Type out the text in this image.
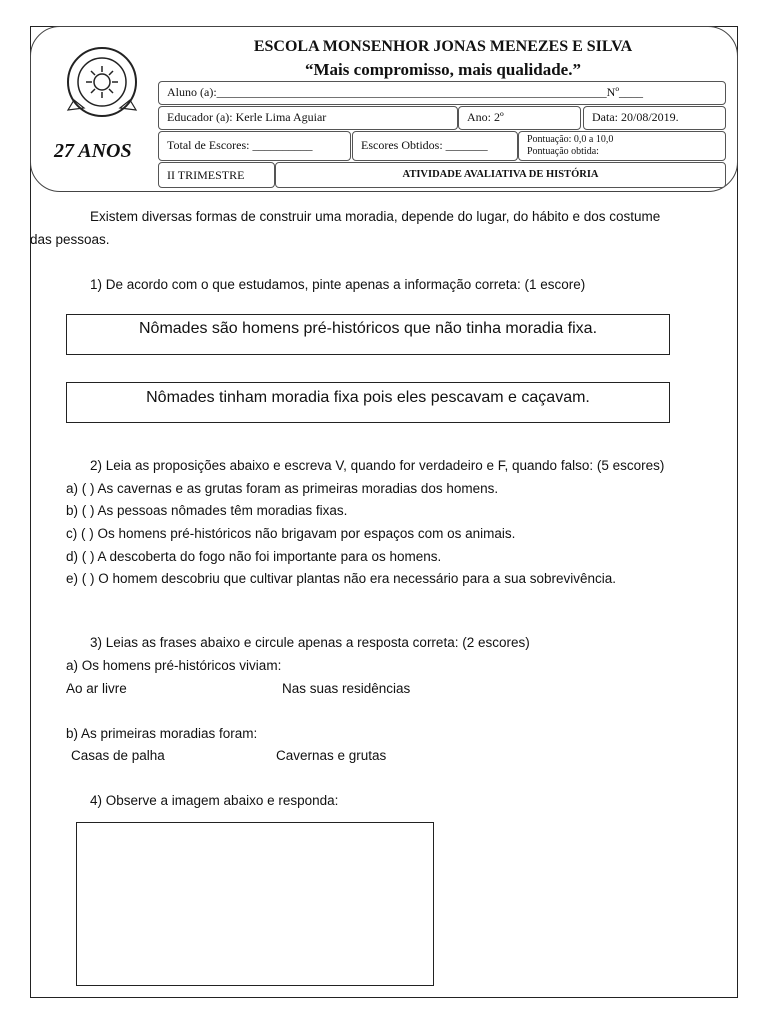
27 ANOS
ESCOLA MONSENHOR JONAS MENEZES E SILVA
“Mais compromisso, mais qualidade.”
Aluno (a):_________________________________________________________________Nº____
Educador (a): Kerle Lima Aguiar	Ano: 2º	Data: 20/08/2019.
Total de Escores: __________	Escores Obtidos: _______	Pontuação: 0,0 a 10,0
Pontuação obtida:
II TRIMESTRE	ATIVIDADE AVALIATIVA DE HISTÓRIA
Existem diversas formas de construir uma moradia, depende do lugar, do hábito e dos costume
das pessoas.
1) De acordo com o que estudamos, pinte apenas a informação correta: (1 escore)
Nômades são homens pré-históricos que não tinha moradia fixa.
Nômades tinham moradia fixa pois eles pescavam e caçavam.
2) Leia as proposições abaixo e escreva V, quando for verdadeiro e F, quando falso: (5 escores)
a) ( ) As cavernas e as grutas foram as primeiras moradias dos homens.
b) ( ) As pessoas nômades têm moradias fixas.
c) ( ) Os homens pré-históricos não brigavam por espaços com os animais.
d) ( ) A descoberta do fogo não foi importante para os homens.
e) ( ) O homem descobriu que cultivar plantas não era necessário para a sua sobrevivência.
3) Leias as frases abaixo e circule apenas a resposta correta: (2 escores)
a) Os homens pré-históricos viviam:
Ao ar livre	Nas suas residências
b) As primeiras moradias foram:
Casas de palha	Cavernas e grutas
4) Observe a imagem abaixo e responda:
